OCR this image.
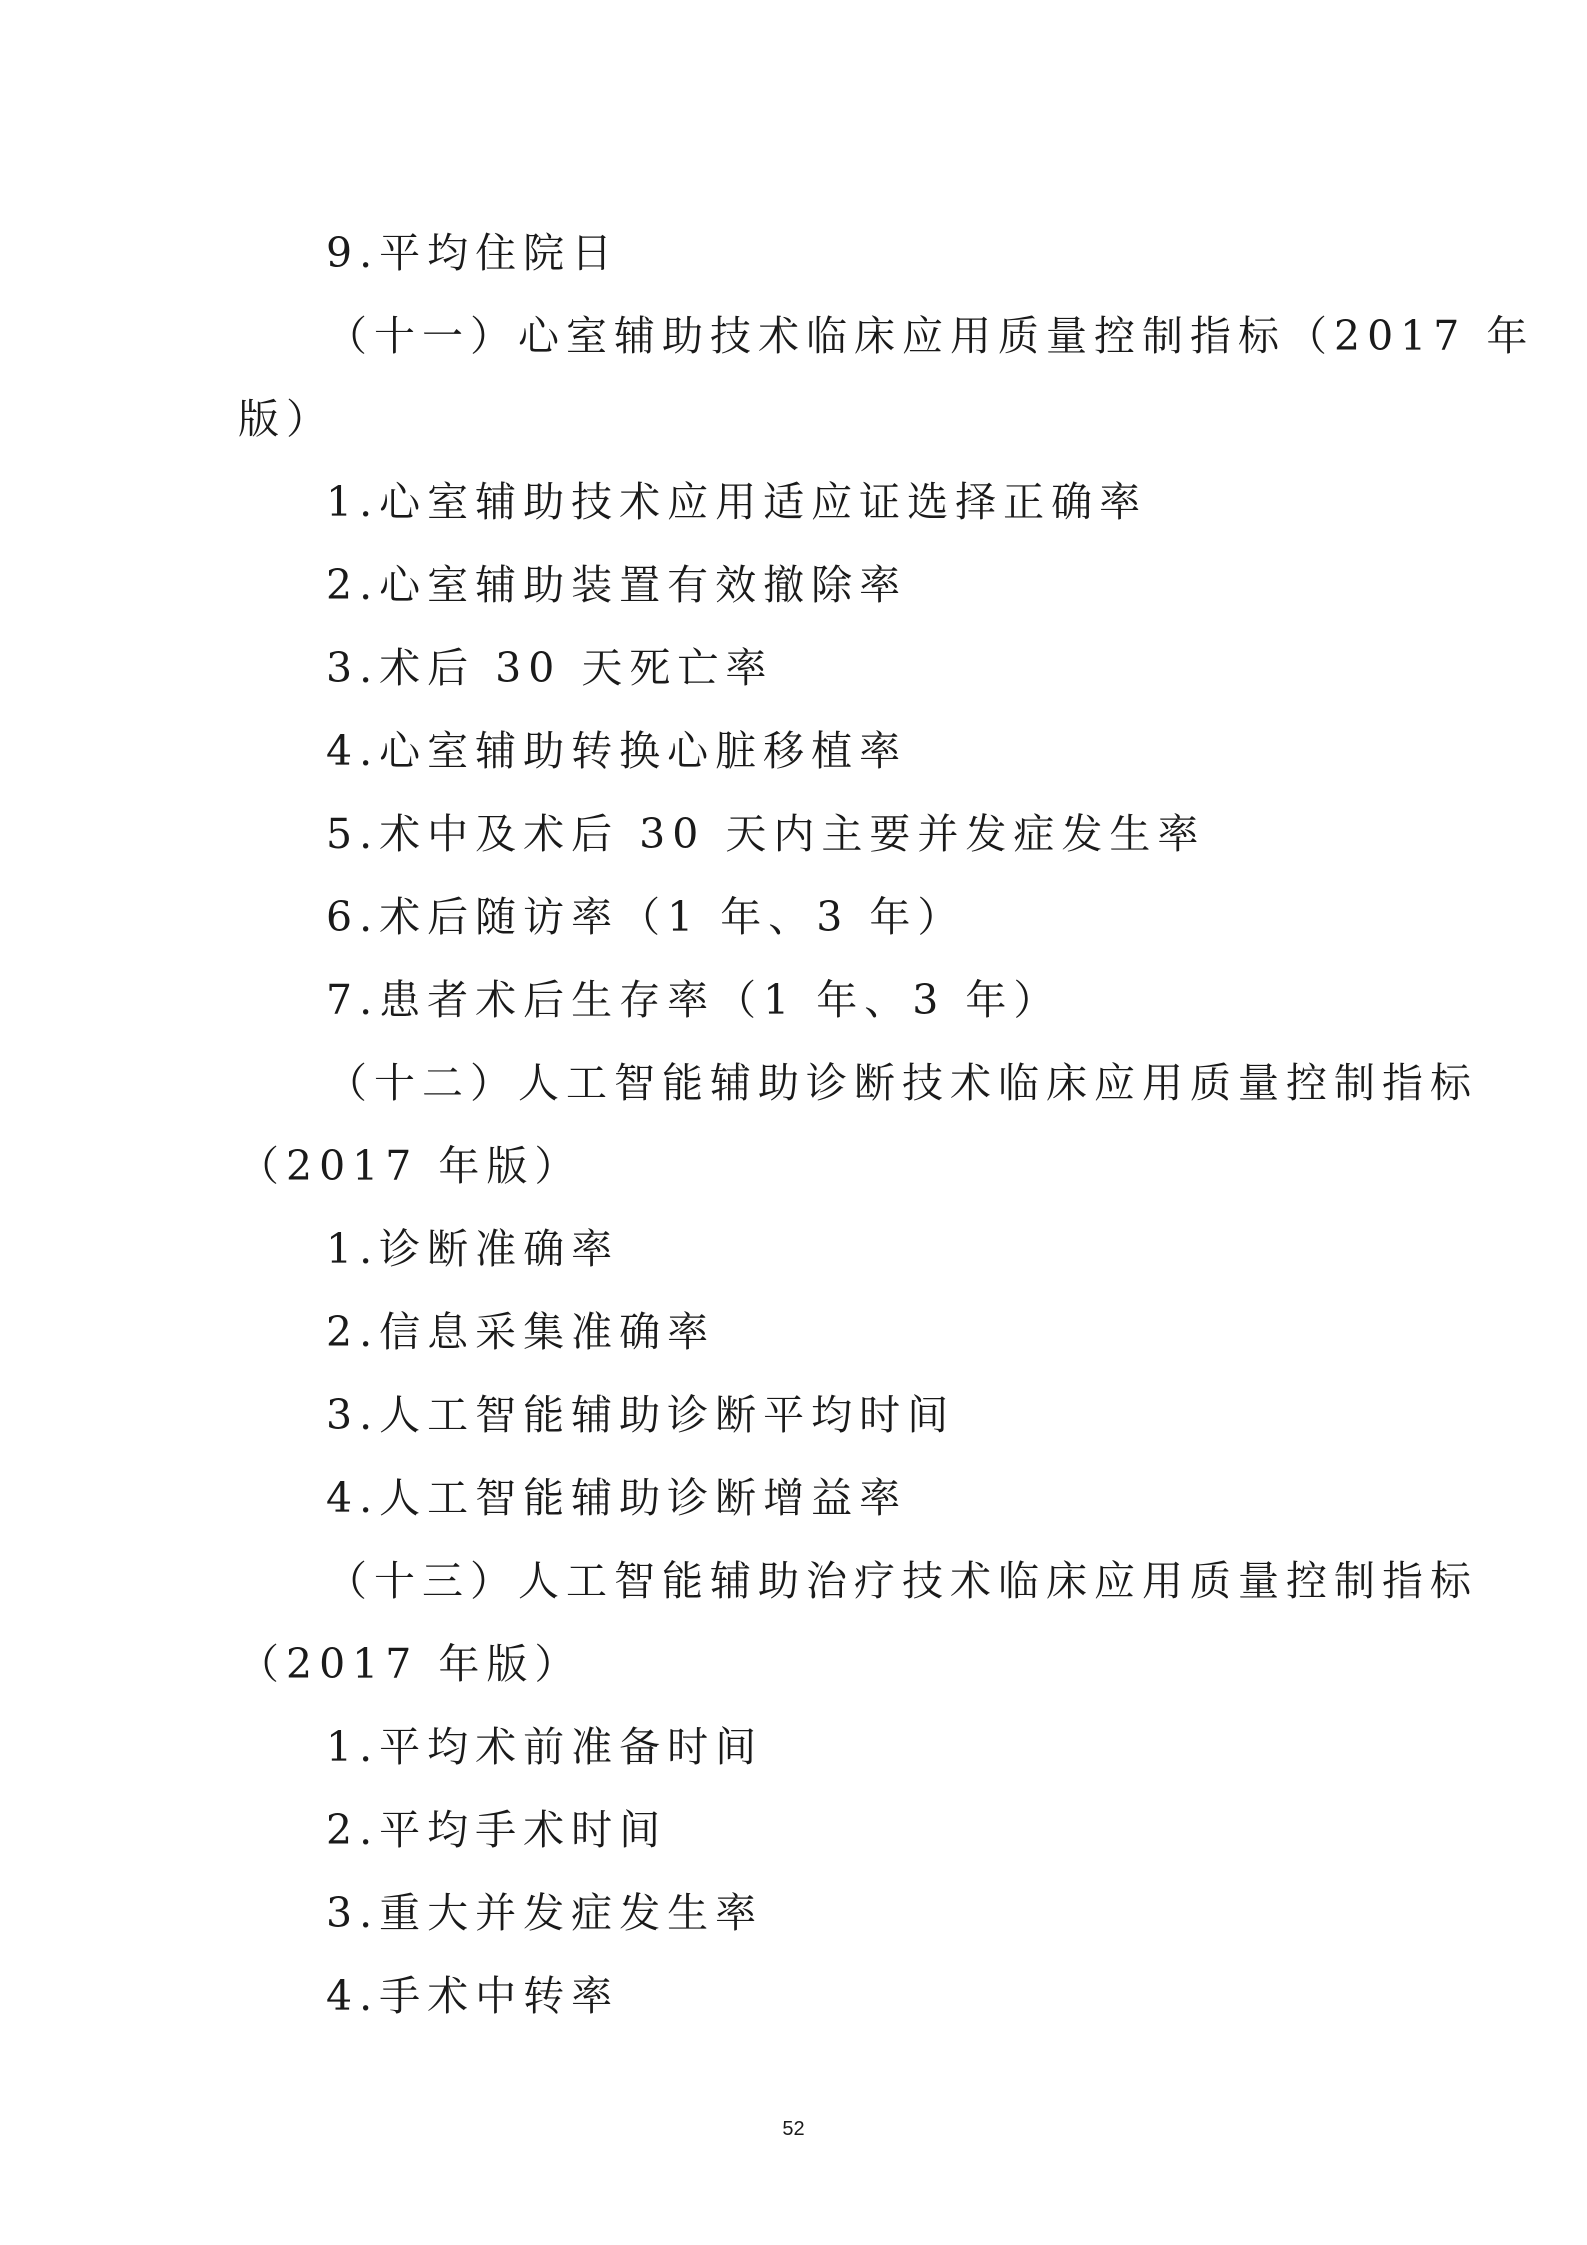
9.平均住院日
（十一）心室辅助技术临床应用质量控制指标（2017 年
版）
1.心室辅助技术应用适应证选择正确率
2.心室辅助装置有效撤除率
3.术后 30 天死亡率
4.心室辅助转换心脏移植率
5.术中及术后 30 天内主要并发症发生率
6.术后随访率（1 年、3 年）
7.患者术后生存率（1 年、3 年）
（十二）人工智能辅助诊断技术临床应用质量控制指标
（2017 年版）
1.诊断准确率
2.信息采集准确率
3.人工智能辅助诊断平均时间
4.人工智能辅助诊断增益率
（十三）人工智能辅助治疗技术临床应用质量控制指标
（2017 年版）
1.平均术前准备时间
2.平均手术时间
3.重大并发症发生率
4.手术中转率
52
